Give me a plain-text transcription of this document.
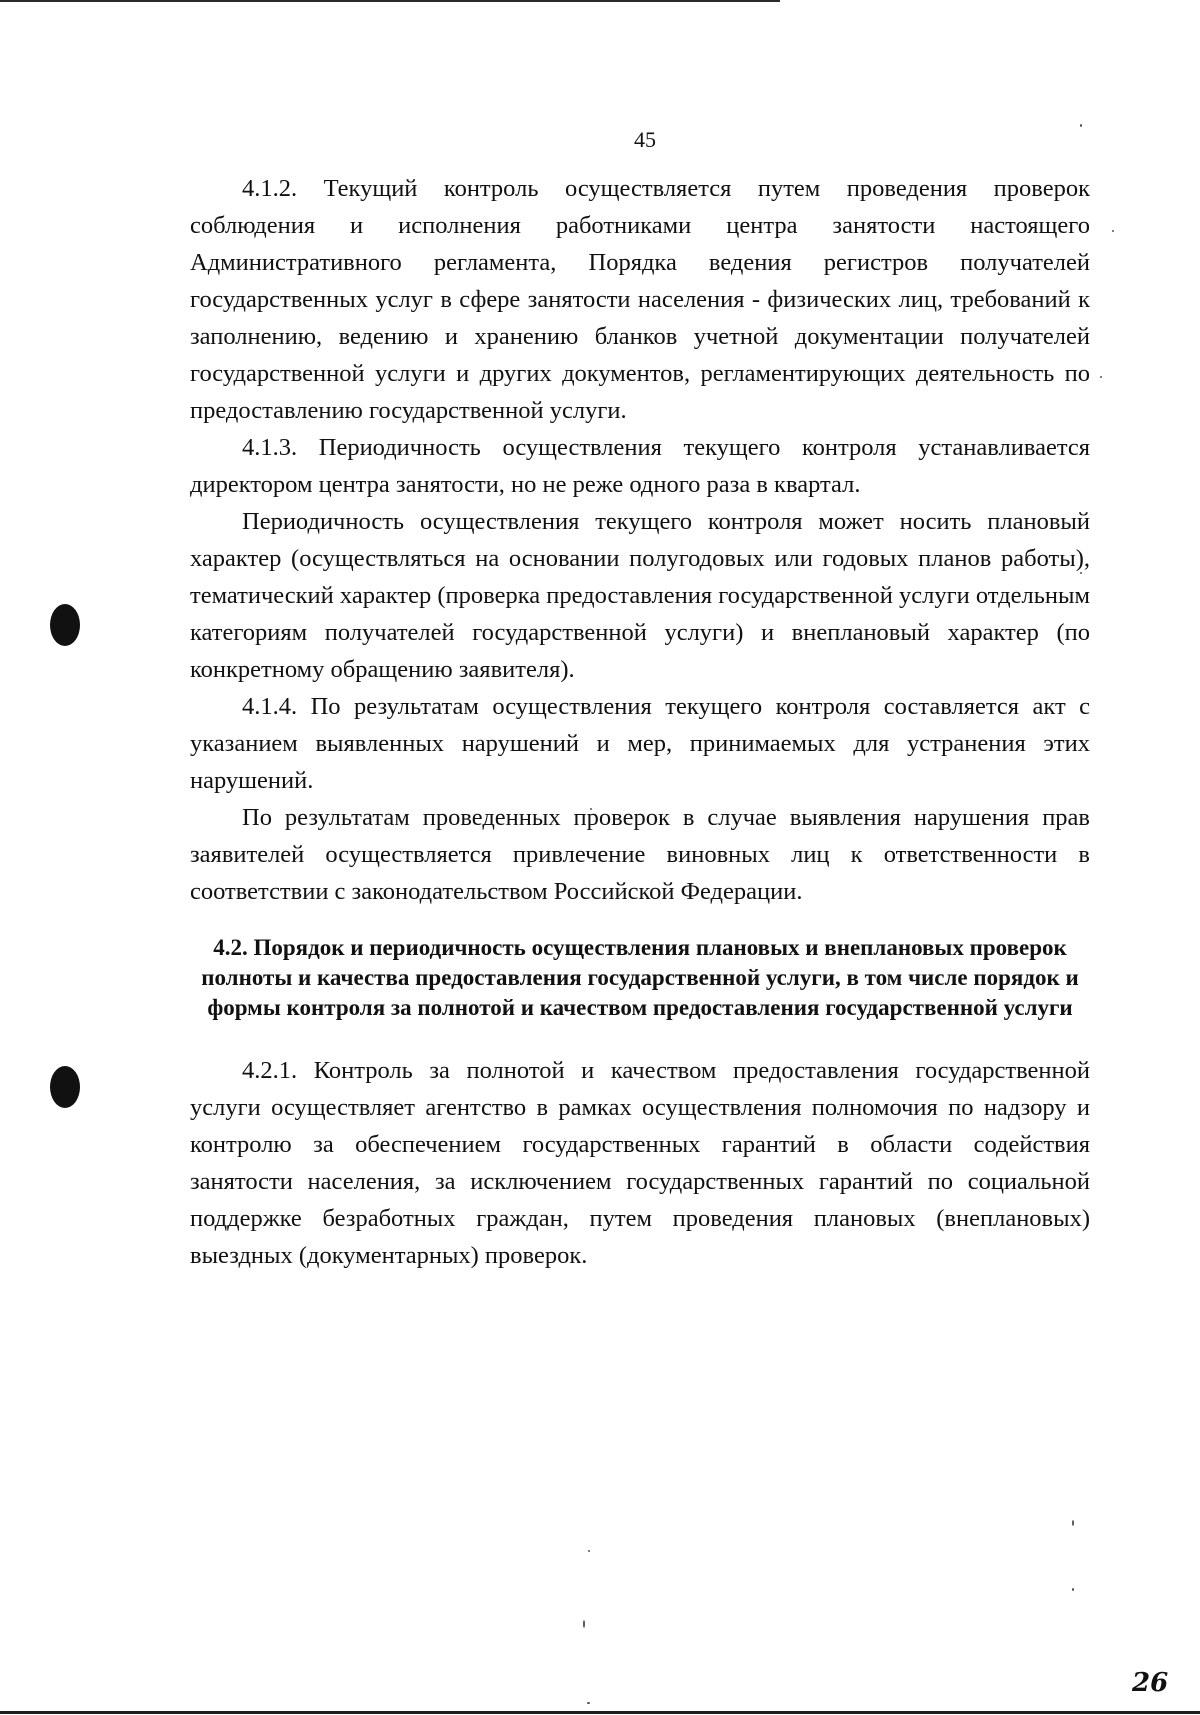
45

4.1.2. Текущий контроль осуществляется путем проведения проверок соблюдения и исполнения работниками центра занятости настоящего Административного регламента, Порядка ведения регистров получателей государственных услуг в сфере занятости населения - физических лиц, требований к заполнению, ведению и хранению бланков учетной документации получателей государственной услуги и других документов, регламентирующих деятельность по предоставлению государственной услуги.

4.1.3. Периодичность осуществления текущего контроля устанавливается директором центра занятости, но не реже одного раза в квартал.

Периодичность осуществления текущего контроля может носить плановый характер (осуществляться на основании полугодовых или годовых планов работы), тематический характер (проверка предоставления государственной услуги отдельным категориям получателей государственной услуги) и внеплановый характер (по конкретному обращению заявителя).

4.1.4. По результатам осуществления текущего контроля составляется акт с указанием выявленных нарушений и мер, принимаемых для устранения этих нарушений.

По результатам проведенных проверок в случае выявления нарушения прав заявителей осуществляется привлечение виновных лиц к ответственности в соответствии с законодательством Российской Федерации.

4.2. Порядок и периодичность осуществления плановых и внеплановых проверок полноты и качества предоставления государственной услуги, в том числе порядок и формы контроля за полнотой и качеством предоставления государственной услуги

4.2.1. Контроль за полнотой и качеством предоставления государственной услуги осуществляет агентство в рамках осуществления полномочия по надзору и контролю за обеспечением государственных гарантий в области содействия занятости населения, за исключением государственных гарантий по социальной поддержке безработных граждан, путем проведения плановых (внеплановых) выездных (документарных) проверок.

26
